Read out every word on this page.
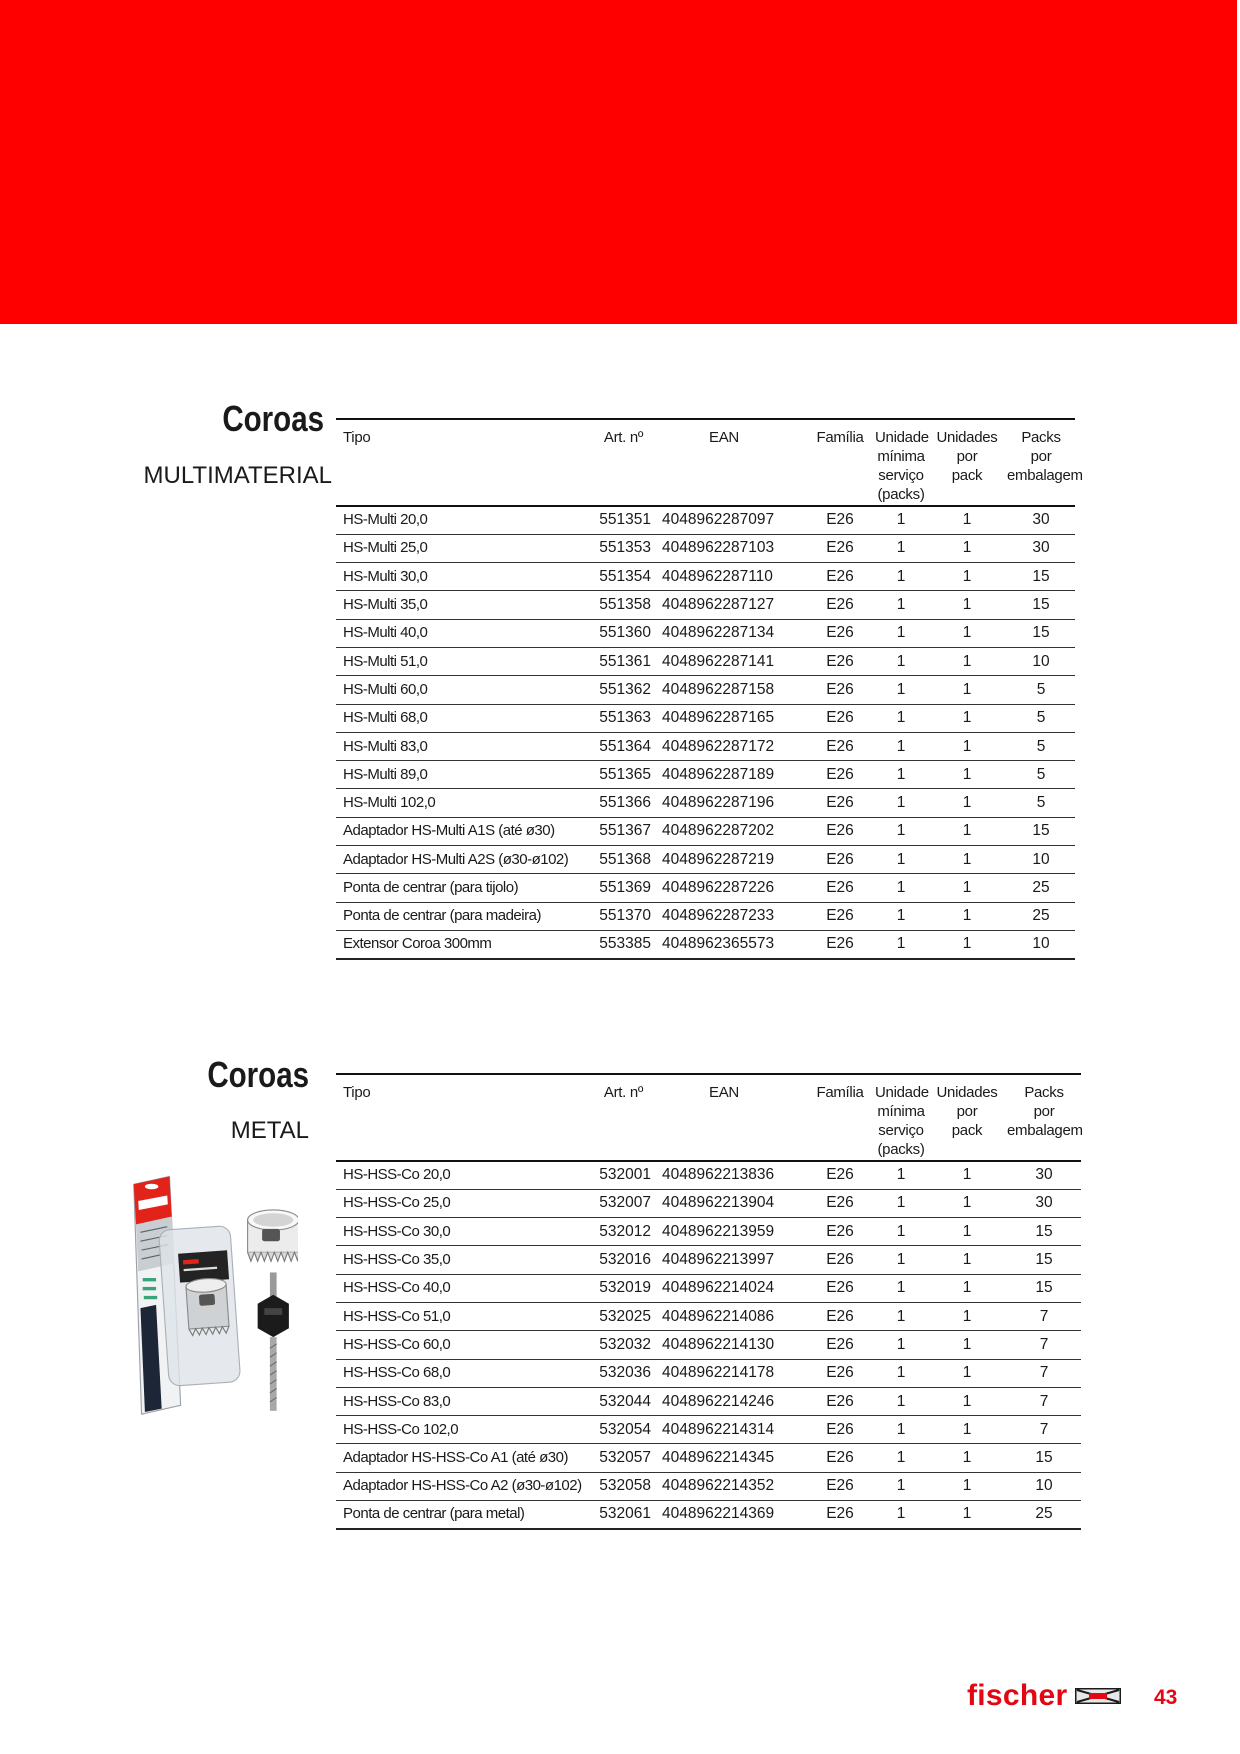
Coroas
MULTIMATERIAL
Tipo	Art. nº	EAN	Família	Unidade
mínima
serviço
(packs)	Unidades
por
pack	Packs
por
embalagem
HS-Multi 20,0	551351	4048962287097	E26	1	1	30
HS-Multi 25,0	551353	4048962287103	E26	1	1	30
HS-Multi 30,0	551354	4048962287110	E26	1	1	15
HS-Multi 35,0	551358	4048962287127	E26	1	1	15
HS-Multi 40,0	551360	4048962287134	E26	1	1	15
HS-Multi 51,0	551361	4048962287141	E26	1	1	10
HS-Multi 60,0	551362	4048962287158	E26	1	1	5
HS-Multi 68,0	551363	4048962287165	E26	1	1	5
HS-Multi 83,0	551364	4048962287172	E26	1	1	5
HS-Multi 89,0	551365	4048962287189	E26	1	1	5
HS-Multi 102,0	551366	4048962287196	E26	1	1	5
Adaptador HS-Multi A1S (até ø30)	551367	4048962287202	E26	1	1	15
Adaptador HS-Multi A2S (ø30-ø102)	551368	4048962287219	E26	1	1	10
Ponta de centrar (para tijolo)	551369	4048962287226	E26	1	1	25
Ponta de centrar (para madeira)	551370	4048962287233	E26	1	1	25
Extensor Coroa 300mm	553385	4048962365573	E26	1	1	10
Coroas
METAL
Tipo	Art. nº	EAN	Família	Unidade
mínima
serviço
(packs)	Unidades
por
pack	Packs
por
embalagem
HS-HSS-Co 20,0	532001	4048962213836	E26	1	1	30
HS-HSS-Co 25,0	532007	4048962213904	E26	1	1	30
HS-HSS-Co 30,0	532012	4048962213959	E26	1	1	15
HS-HSS-Co 35,0	532016	4048962213997	E26	1	1	15
HS-HSS-Co 40,0	532019	4048962214024	E26	1	1	15
HS-HSS-Co 51,0	532025	4048962214086	E26	1	1	7
HS-HSS-Co 60,0	532032	4048962214130	E26	1	1	7
HS-HSS-Co 68,0	532036	4048962214178	E26	1	1	7
HS-HSS-Co 83,0	532044	4048962214246	E26	1	1	7
HS-HSS-Co 102,0	532054	4048962214314	E26	1	1	7
Adaptador HS-HSS-Co A1 (até ø30)	532057	4048962214345	E26	1	1	15
Adaptador HS-HSS-Co A2 (ø30-ø102)	532058	4048962214352	E26	1	1	10
Ponta de centrar (para metal)	532061	4048962214369	E26	1	1	25
fischer	43
